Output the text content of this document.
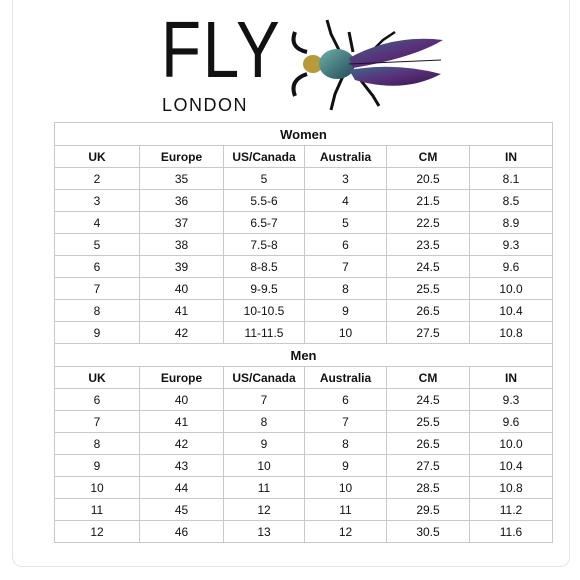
FLY
LONDON
Women					
UK	Europe	US/Canada	Australia	CM	IN
2	35	5	3	20.5	8.1
3	36	5.5-6	4	21.5	8.5
4	37	6.5-7	5	22.5	8.9
5	38	7.5-8	6	23.5	9.3
6	39	8-8.5	7	24.5	9.6
7	40	9-9.5	8	25.5	10.0
8	41	10-10.5	9	26.5	10.4
9	42	11-11.5	10	27.5	10.8
Men					
UK	Europe	US/Canada	Australia	CM	IN
6	40	7	6	24.5	9.3
7	41	8	7	25.5	9.6
8	42	9	8	26.5	10.0
9	43	10	9	27.5	10.4
10	44	11	10	28.5	10.8
11	45	12	11	29.5	11.2
12	46	13	12	30.5	11.6
